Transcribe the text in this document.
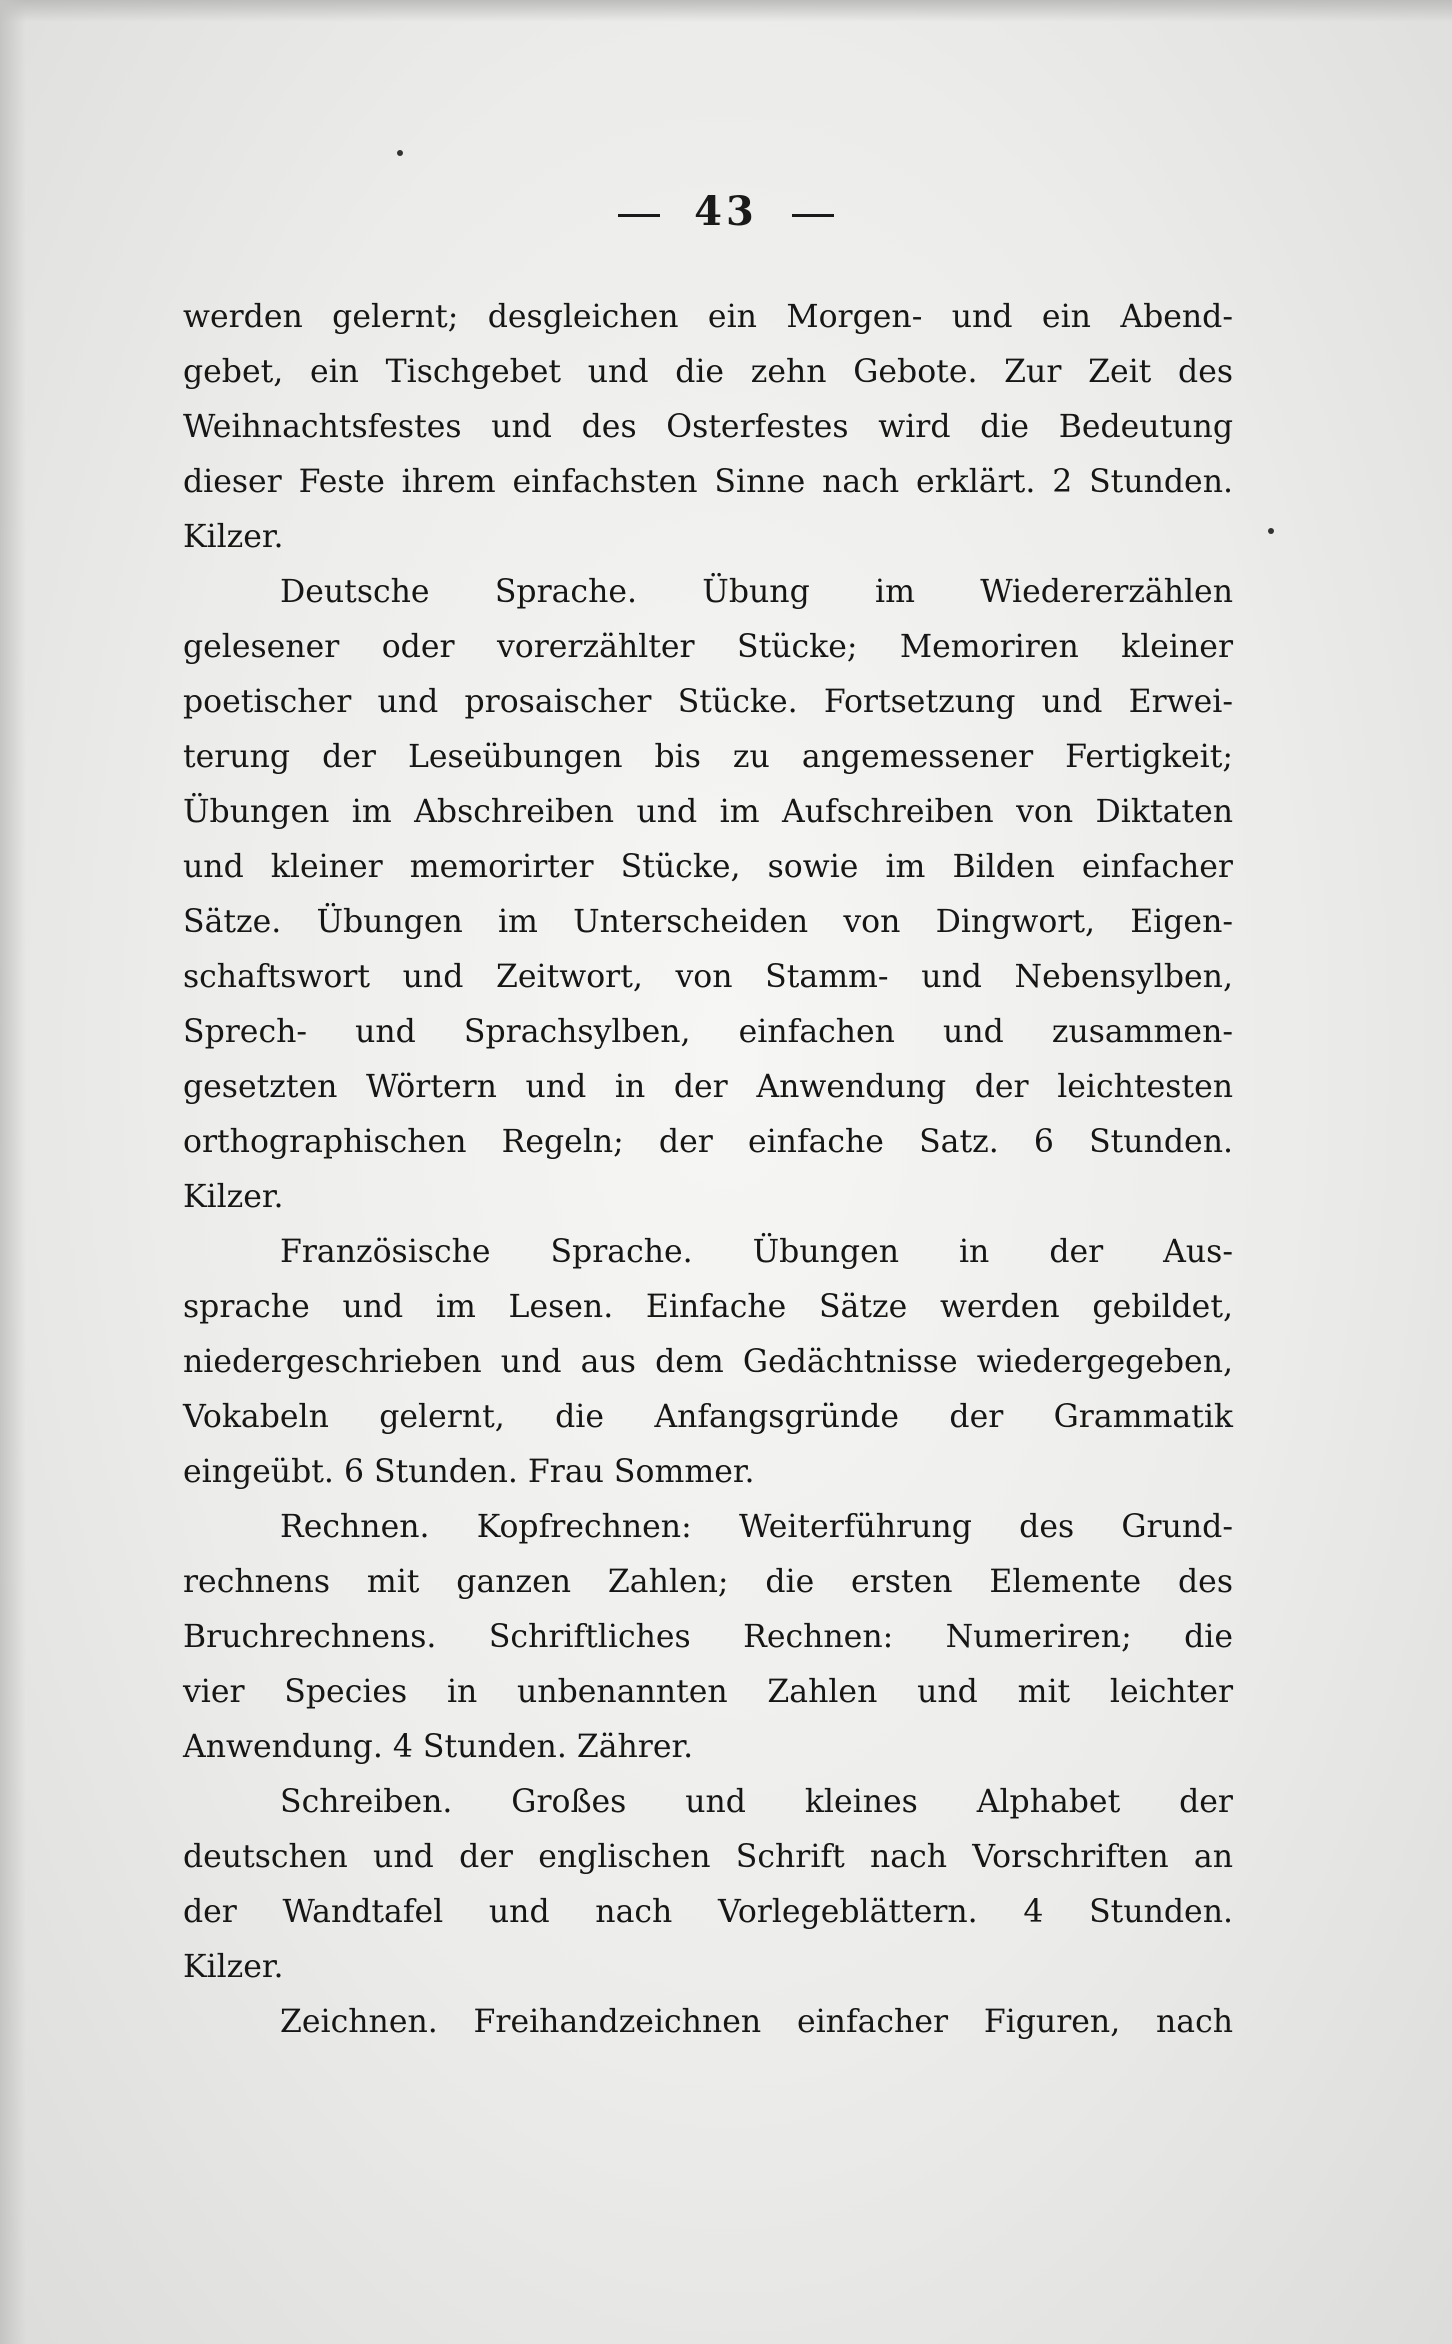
43
werden gelernt; desgleichen ein Morgen- und ein Abend-
gebet, ein Tischgebet und die zehn Gebote. Zur Zeit des
Weihnachtsfestes und des Osterfestes wird die Bedeutung
dieser Feste ihrem einfachsten Sinne nach erklärt. 2 Stunden.
Kilzer.
Deutsche Sprache. Übung im Wiedererzählen
gelesener oder vorerzählter Stücke; Memoriren kleiner
poetischer und prosaischer Stücke. Fortsetzung und Erwei-
terung der Leseübungen bis zu angemessener Fertigkeit;
Übungen im Abschreiben und im Aufschreiben von Diktaten
und kleiner memorirter Stücke, sowie im Bilden einfacher
Sätze. Übungen im Unterscheiden von Dingwort, Eigen-
schaftswort und Zeitwort, von Stamm- und Nebensylben,
Sprech- und Sprachsylben, einfachen und zusammen-
gesetzten Wörtern und in der Anwendung der leichtesten
orthographischen Regeln; der einfache Satz. 6 Stunden.
Kilzer.
Französische Sprache. Übungen in der Aus-
sprache und im Lesen. Einfache Sätze werden gebildet,
niedergeschrieben und aus dem Gedächtnisse wiedergegeben,
Vokabeln gelernt, die Anfangsgründe der Grammatik
eingeübt. 6 Stunden. Frau Sommer.
Rechnen. Kopfrechnen: Weiterführung des Grund-
rechnens mit ganzen Zahlen; die ersten Elemente des
Bruchrechnens. Schriftliches Rechnen: Numeriren; die
vier Species in unbenannten Zahlen und mit leichter
Anwendung. 4 Stunden. Zährer.
Schreiben. Großes und kleines Alphabet der
deutschen und der englischen Schrift nach Vorschriften an
der Wandtafel und nach Vorlegeblättern. 4 Stunden.
Kilzer.
Zeichnen. Freihandzeichnen einfacher Figuren, nach
